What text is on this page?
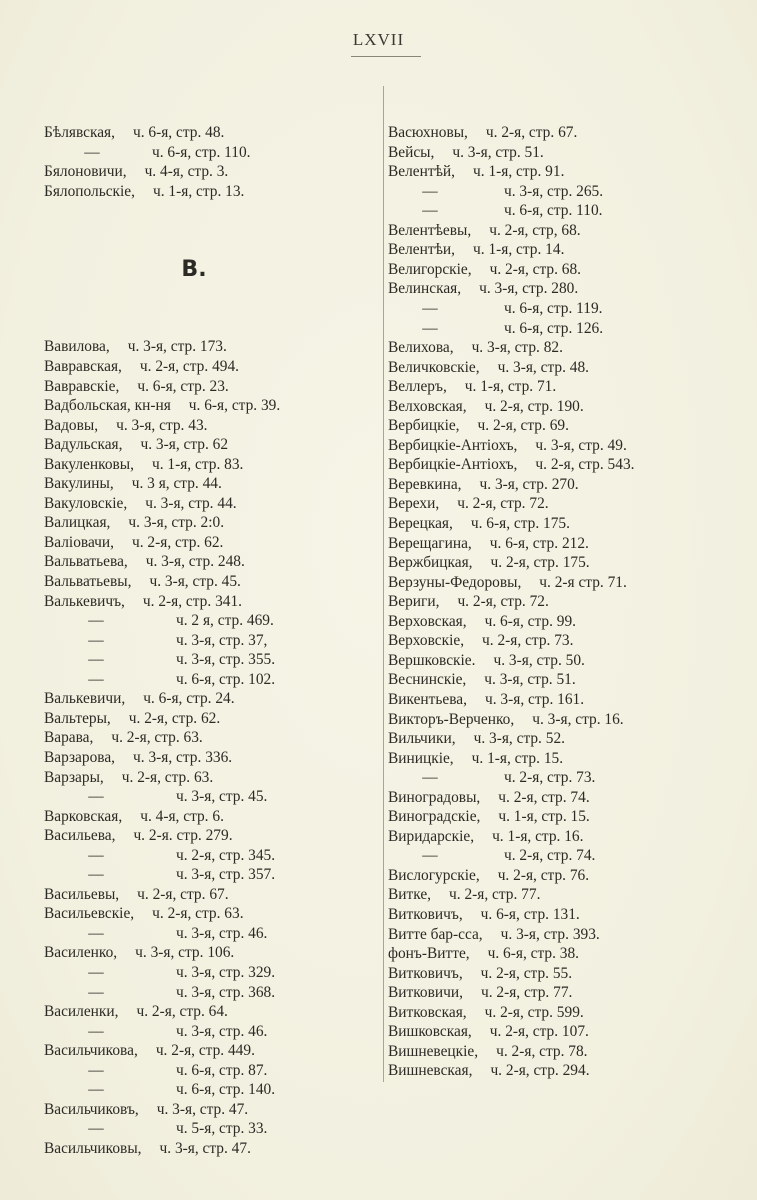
LXVII

Бѣлявская, ч. 6-я, стр. 48.
—	ч. 6-я, стр. 110.
Бялоновичи, ч. 4-я, стр. 3.
Бялопольскіе, ч. 1-я, стр. 13.

В.

Вавилова, ч. 3-я, стр. 173.
Вавравская, ч. 2-я, стр. 494.
Вавравскіе, ч. 6-я, стр. 23.
Вадбольская, кн-ня ч. 6-я, стр. 39.
Вадовы, ч. 3-я, стр. 43.
Вадульская, ч. 3-я, стр. 62
Вакуленковы, ч. 1-я, стр. 83.
Вакулины, ч. 3 я, стр. 44.
Вакуловскіе, ч. 3-я, стр. 44.
Валицкая, ч. 3-я, стр. 2:0.
Валіовачи, ч. 2-я, стр. 62.
Вальватьева, ч. 3-я, стр. 248.
Вальватьевы, ч. 3-я, стр. 45.
Валькевичъ, ч. 2-я, стр. 341.
—	ч. 2 я, стр. 469.
—	ч. 3-я, стр. 37,
—	ч. 3-я, стр. 355.
—	ч. 6-я, стр. 102.
Валькевичи, ч. 6-я, стр. 24.
Вальтеры, ч. 2-я, стр. 62.
Варава, ч. 2-я, стр. 63.
Варзарова, ч. 3-я, стр. 336.
Варзары, ч. 2-я, стр. 63.
—	ч. 3-я, стр. 45.
Варковская, ч. 4-я, стр. 6.
Васильева, ч. 2-я. стр. 279.
—	ч. 2-я, стр. 345.
—	ч. 3-я, стр. 357.
Васильевы, ч. 2-я, стр. 67.
Васильевскіе, ч. 2-я, стр. 63.
—	ч. 3-я, стр. 46.
Василенко, ч. 3-я, стр. 106.
—	ч. 3-я, стр. 329.
—	ч. 3-я, стр. 368.
Василенки, ч. 2-я, стр. 64.
—	ч. 3-я, стр. 46.
Васильчикова, ч. 2-я, стр. 449.
—	ч. 6-я, стр. 87.
—	ч. 6-я, стр. 140.
Васильчиковъ, ч. 3-я, стр. 47.
—	ч. 5-я, стр. 33.
Васильчиковы, ч. 3-я, стр. 47.

Васюхновы, ч. 2-я, стр. 67.
Вейсы, ч. 3-я, стр. 51.
Велентѣй, ч. 1-я, стр. 91.
—	ч. 3-я, стр. 265.
—	ч. 6-я, стр. 110.
Велентѣевы, ч. 2-я, стр, 68.
Велентѣи, ч. 1-я, стр. 14.
Велигорскіе, ч. 2-я, стр. 68.
Велинская, ч. 3-я, стр. 280.
—	ч. 6-я, стр. 119.
—	ч. 6-я, стр. 126.
Велихова, ч. 3-я, стр. 82.
Величковскіе, ч. 3-я, стр. 48.
Веллеръ, ч. 1-я, стр. 71.
Велховская, ч. 2-я, стр. 190.
Вербицкіе, ч. 2-я, стр. 69.
Вербицкіе-Антіохъ, ч. 3-я, стр. 49.
Вербицкіе-Антіохъ, ч. 2-я, стр. 543.
Веревкина, ч. 3-я, стр. 270.
Верехи, ч. 2-я, стр. 72.
Верецкая, ч. 6-я, стр. 175.
Верещагина, ч. 6-я, стр. 212.
Вержбицкая, ч. 2-я, стр. 175.
Верзуны-Федоровы, ч. 2-я стр. 71.
Вериги, ч. 2-я, стр. 72.
Верховская, ч. 6-я, стр. 99.
Верховскіе, ч. 2-я, стр. 73.
Вершковскіе. ч. 3-я, стр. 50.
Веснинскіе, ч. 3-я, стр. 51.
Викентьева, ч. 3-я, стр. 161.
Викторъ-Верченко, ч. 3-я, стр. 16.
Вильчики, ч. 3-я, стр. 52.
Виницкіе, ч. 1-я, стр. 15.
—	ч. 2-я, стр. 73.
Виноградовы, ч. 2-я, стр. 74.
Виноградскіе, ч. 1-я, стр. 15.
Виридарскіе, ч. 1-я, стр. 16.
—	ч. 2-я, стр. 74.
Вислогурскіе, ч. 2-я, стр. 76.
Витке, ч. 2-я, стр. 77.
Витковичъ, ч. 6-я, стр. 131.
Витте бар-сса, ч. 3-я, стр. 393.
фонъ-Витте, ч. 6-я, стр. 38.
Витковичъ, ч. 2-я, стр. 55.
Витковичи, ч. 2-я, стр. 77.
Витковская, ч. 2-я, стр. 599.
Вишковская, ч. 2-я, стр. 107.
Вишневецкіе, ч. 2-я, стр. 78.
Вишневская, ч. 2-я, стр. 294.
